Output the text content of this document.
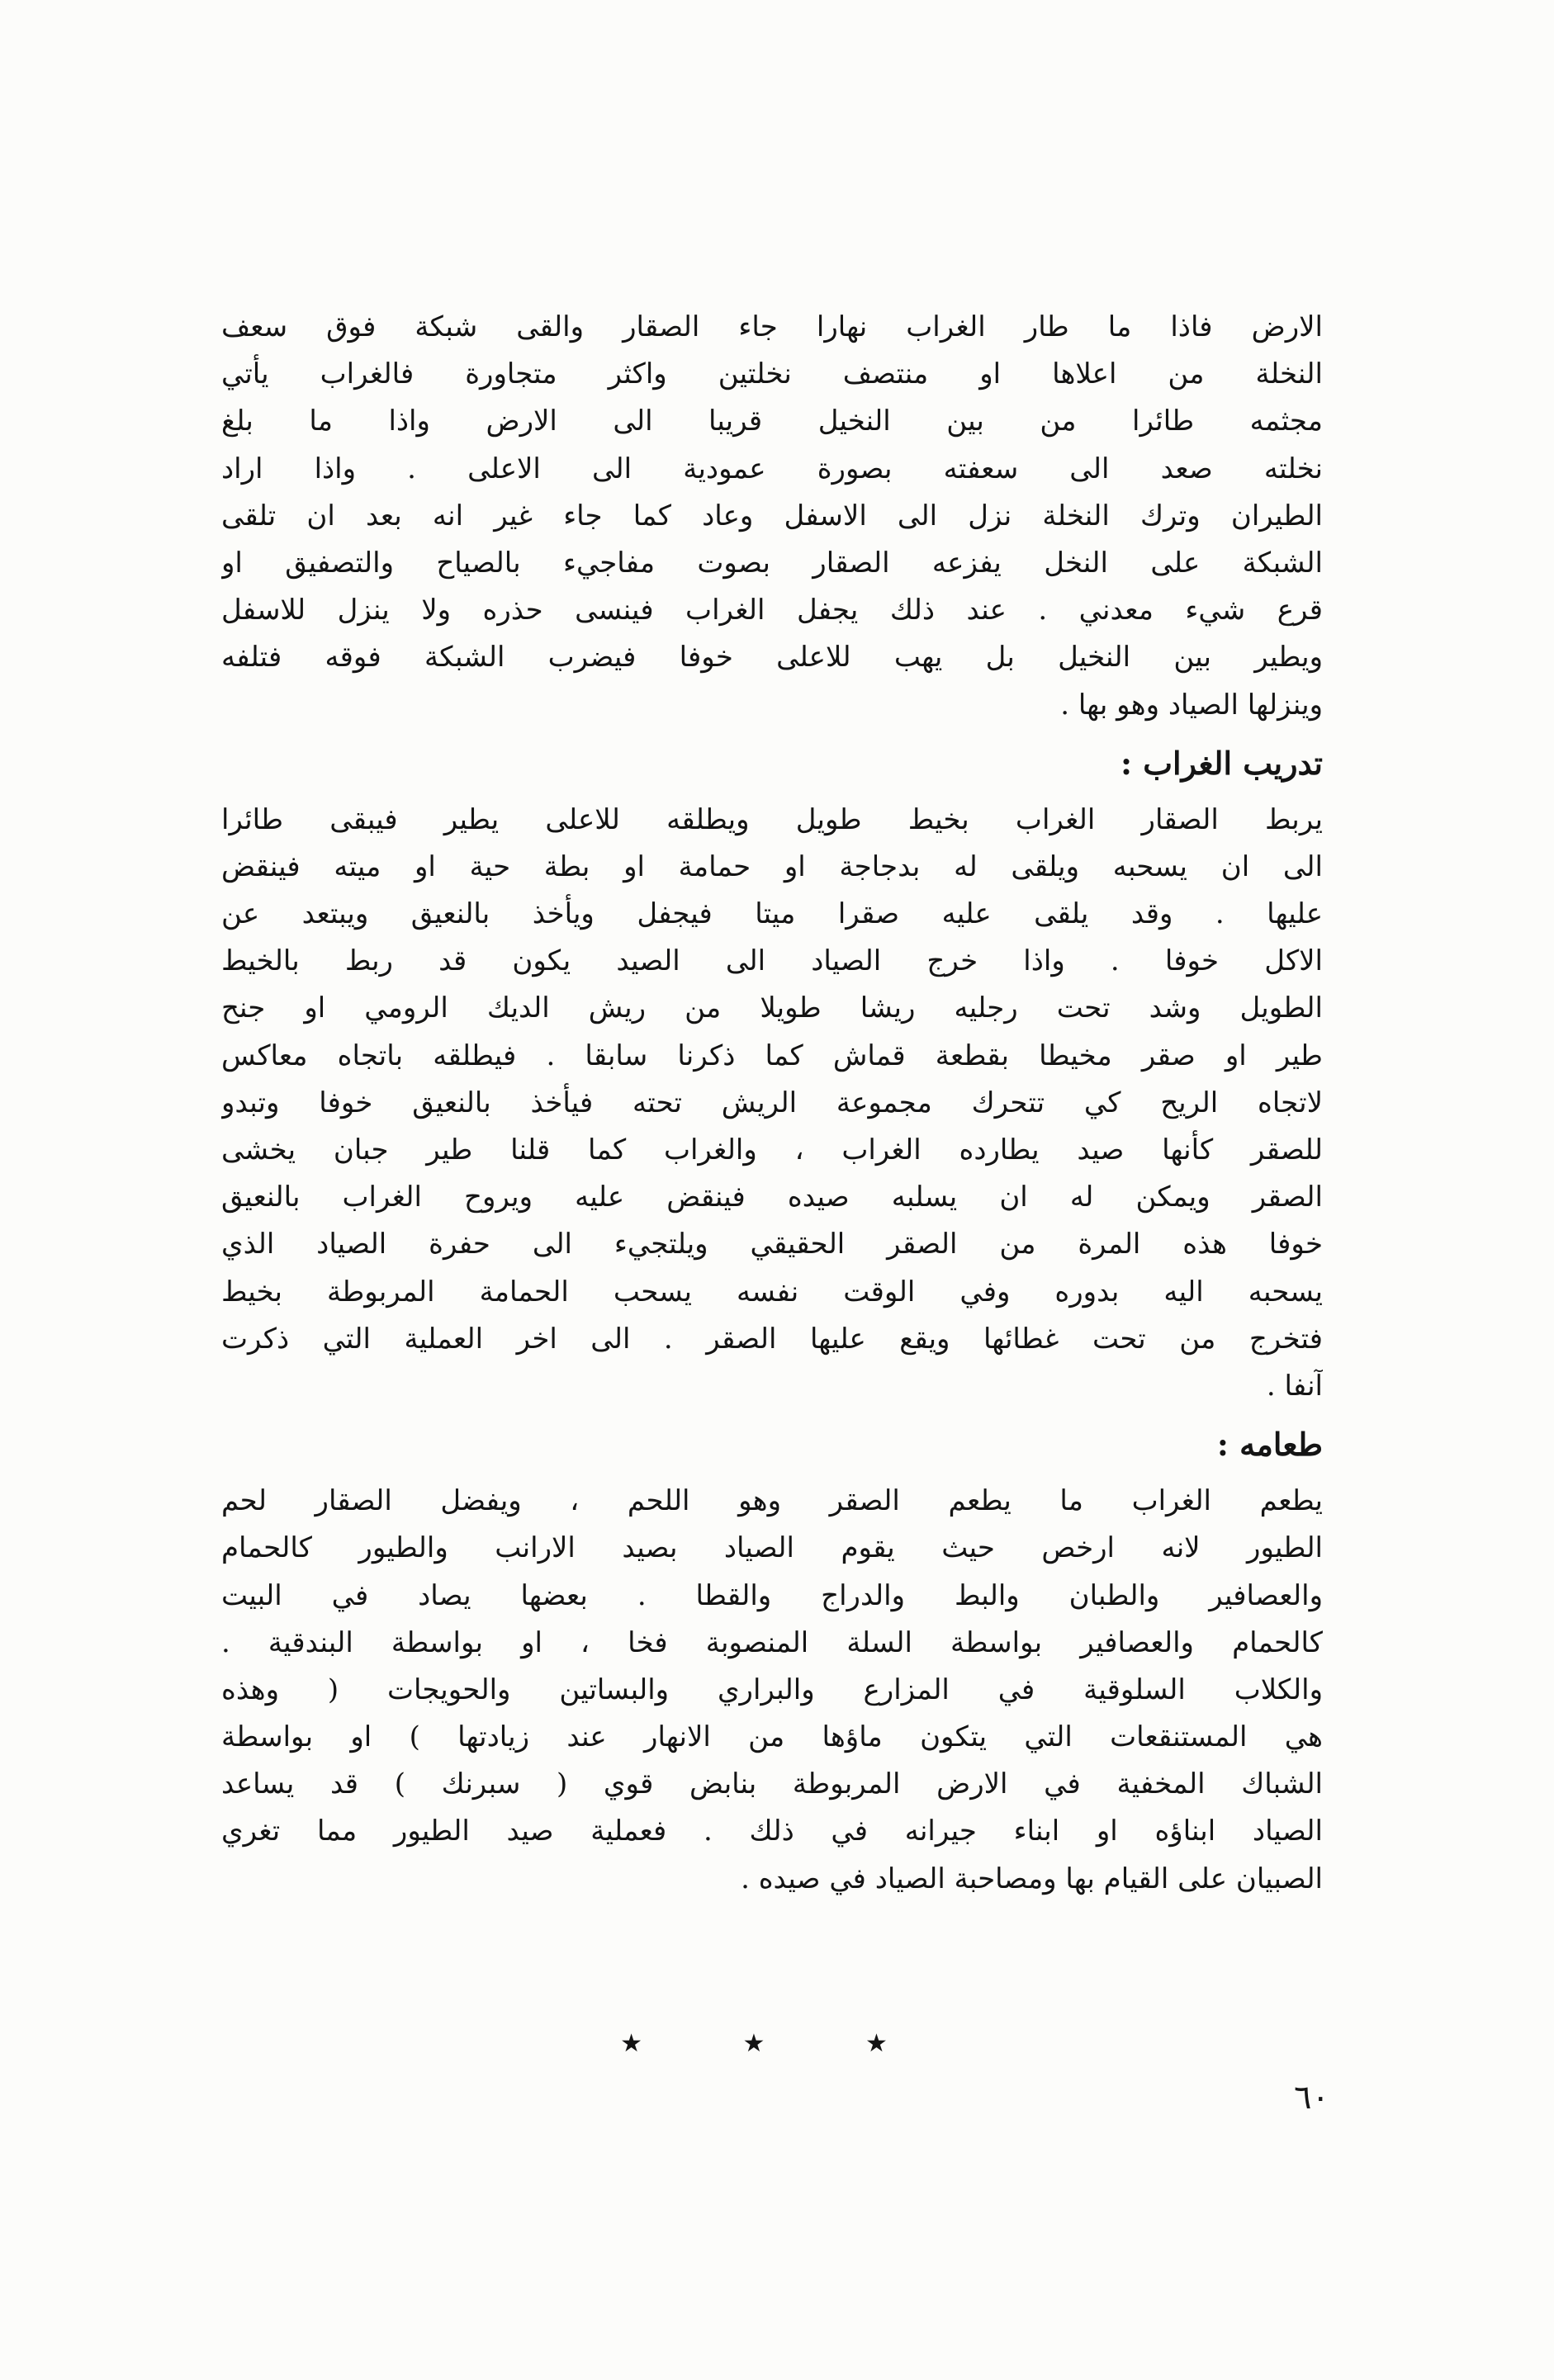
الارض فاذا ما طار الغراب نهارا جاء الصقار والقى شبكة فوق سعف
النخلة من اعلاها او منتصف نخلتين واكثر متجاورة فالغراب يأتي
مجثمه طائرا من بين النخيل قريبا الى الارض واذا ما بلغ
نخلته صعد الى سعفته بصورة عمودية الى الاعلى . واذا اراد
الطيران وترك النخلة نزل الى الاسفل وعاد كما جاء غير انه بعد ان تلقى
الشبكة على النخل يفزعه الصقار بصوت مفاجيء بالصياح والتصفيق او
قرع شيء معدني . عند ذلك يجفل الغراب فينسى حذره ولا ينزل للاسفل
ويطير بين النخيل بل يهب للاعلى خوفا فيضرب الشبكة فوقه فتلفه
وينزلها الصياد وهو بها .
تدريب الغراب :
يربط الصقار الغراب بخيط طويل ويطلقه للاعلى يطير فيبقى طائرا
الى ان يسحبه ويلقى له بدجاجة او حمامة او بطة حية او ميته فينقض
عليها . وقد يلقى عليه صقرا ميتا فيجفل ويأخذ بالنعيق ويبتعد عن
الاكل خوفا . واذا خرج الصياد الى الصيد يكون قد ربط بالخيط
الطويل وشد تحت رجليه ريشا طويلا من ريش الديك الرومي او جنح
طير او صقر مخيطا بقطعة قماش كما ذكرنا سابقا . فيطلقه باتجاه معاكس
لاتجاه الريح كي تتحرك مجموعة الريش تحته فيأخذ بالنعيق خوفا وتبدو
للصقر كأنها صيد يطارده الغراب ، والغراب كما قلنا طير جبان يخشى
الصقر ويمكن له ان يسلبه صيده فينقض عليه ويروح الغراب بالنعيق
خوفا هذه المرة من الصقر الحقيقي ويلتجيء الى حفرة الصياد الذي
يسحبه اليه بدوره وفي الوقت نفسه يسحب الحمامة المربوطة بخيط
فتخرج من تحت غطائها ويقع عليها الصقر . الى اخر العملية التي ذكرت
آنفا .
طعامه :
يطعم الغراب ما يطعم الصقر وهو اللحم ، ويفضل الصقار لحم
الطيور لانه ارخص حيث يقوم الصياد بصيد الارانب والطيور كالحمام
والعصافير والطبان والبط والدراج والقطا . بعضها يصاد في البيت
كالحمام والعصافير بواسطة السلة المنصوبة فخا ، او بواسطة البندقية .
والكلاب السلوقية في المزارع والبراري والبساتين والحويجات ( وهذه
هي المستنقعات التي يتكون ماؤها من الانهار عند زيادتها ) او بواسطة
الشباك المخفية في الارض المربوطة بنابض قوي ( سبرنك ) قد يساعد
الصياد ابناؤه او ابناء جيرانه في ذلك . فعملية صيد الطيور مما تغري
الصبيان على القيام بها ومصاحبة الصياد في صيده .
★ ★ ★
٦٠
